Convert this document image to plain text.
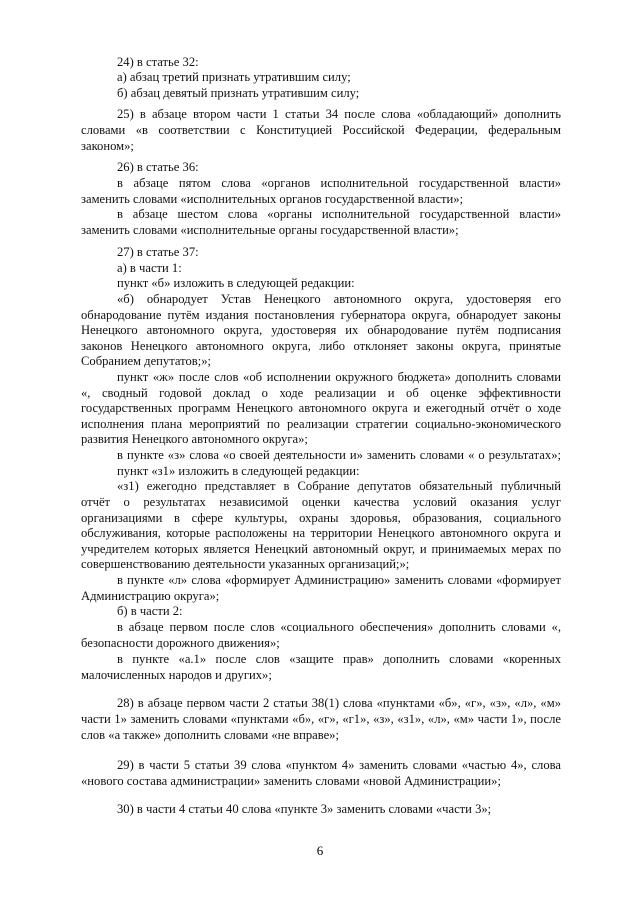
24) в статье 32:
а) абзац третий признать утратившим силу;
б) абзац девятый признать утратившим силу;
25) в абзаце втором части 1 статьи 34 после слова «обладающий» дополнить
словами «в соответствии с Конституцией Российской Федерации, федеральным
законом»;
26) в статье 36:
в абзаце пятом слова «органов исполнительной государственной власти»
заменить словами «исполнительных органов государственной власти»;
в абзаце шестом слова «органы исполнительной государственной власти»
заменить словами «исполнительные органы государственной власти»;
27) в статье 37:
а) в части 1:
пункт «б» изложить в следующей редакции:
«б) обнародует Устав Ненецкого автономного округа, удостоверяя его
обнародование путём издания постановления губернатора округа, обнародует законы
Ненецкого автономного округа, удостоверяя их обнародование путём подписания
законов Ненецкого автономного округа, либо отклоняет законы округа, принятые
Собранием депутатов;»;
пункт «ж» после слов «об исполнении окружного бюджета» дополнить словами
«, сводный годовой доклад о ходе реализации и об оценке эффективности
государственных программ Ненецкого автономного округа и ежегодный отчёт о ходе
исполнения плана мероприятий по реализации стратегии социально-экономического
развития Ненецкого автономного округа»;
в пункте «з» слова «о своей деятельности и» заменить словами « о результатах»;
пункт «з1» изложить в следующей редакции:
«з1) ежегодно представляет в Собрание депутатов обязательный публичный
отчёт о результатах независимой оценки качества условий оказания услуг
организациями в сфере культуры, охраны здоровья, образования, социального
обслуживания, которые расположены на территории Ненецкого автономного округа и
учредителем которых является Ненецкий автономный округ, и принимаемых мерах по
совершенствованию деятельности указанных организаций;»;
в пункте «л» слова «формирует Администрацию» заменить словами «формирует
Администрацию округа»;
б) в части 2:
в абзаце первом после слов «социального обеспечения» дополнить словами «,
безопасности дорожного движения»;
в пункте «а.1» после слов «защите прав» дополнить словами «коренных
малочисленных народов и других»;
28) в абзаце первом части 2 статьи 38(1) слова «пунктами «б», «г», «з», «л», «м»
части 1» заменить словами «пунктами «б», «г», «г1», «з», «з1», «л», «м» части 1», после
слов «а также» дополнить словами «не вправе»;
29) в части 5 статьи 39 слова «пунктом 4» заменить словами «частью 4», слова
«нового состава администрации» заменить словами «новой Администрации»;
30) в части 4 статьи 40 слова «пункте 3» заменить словами «части 3»;
6
